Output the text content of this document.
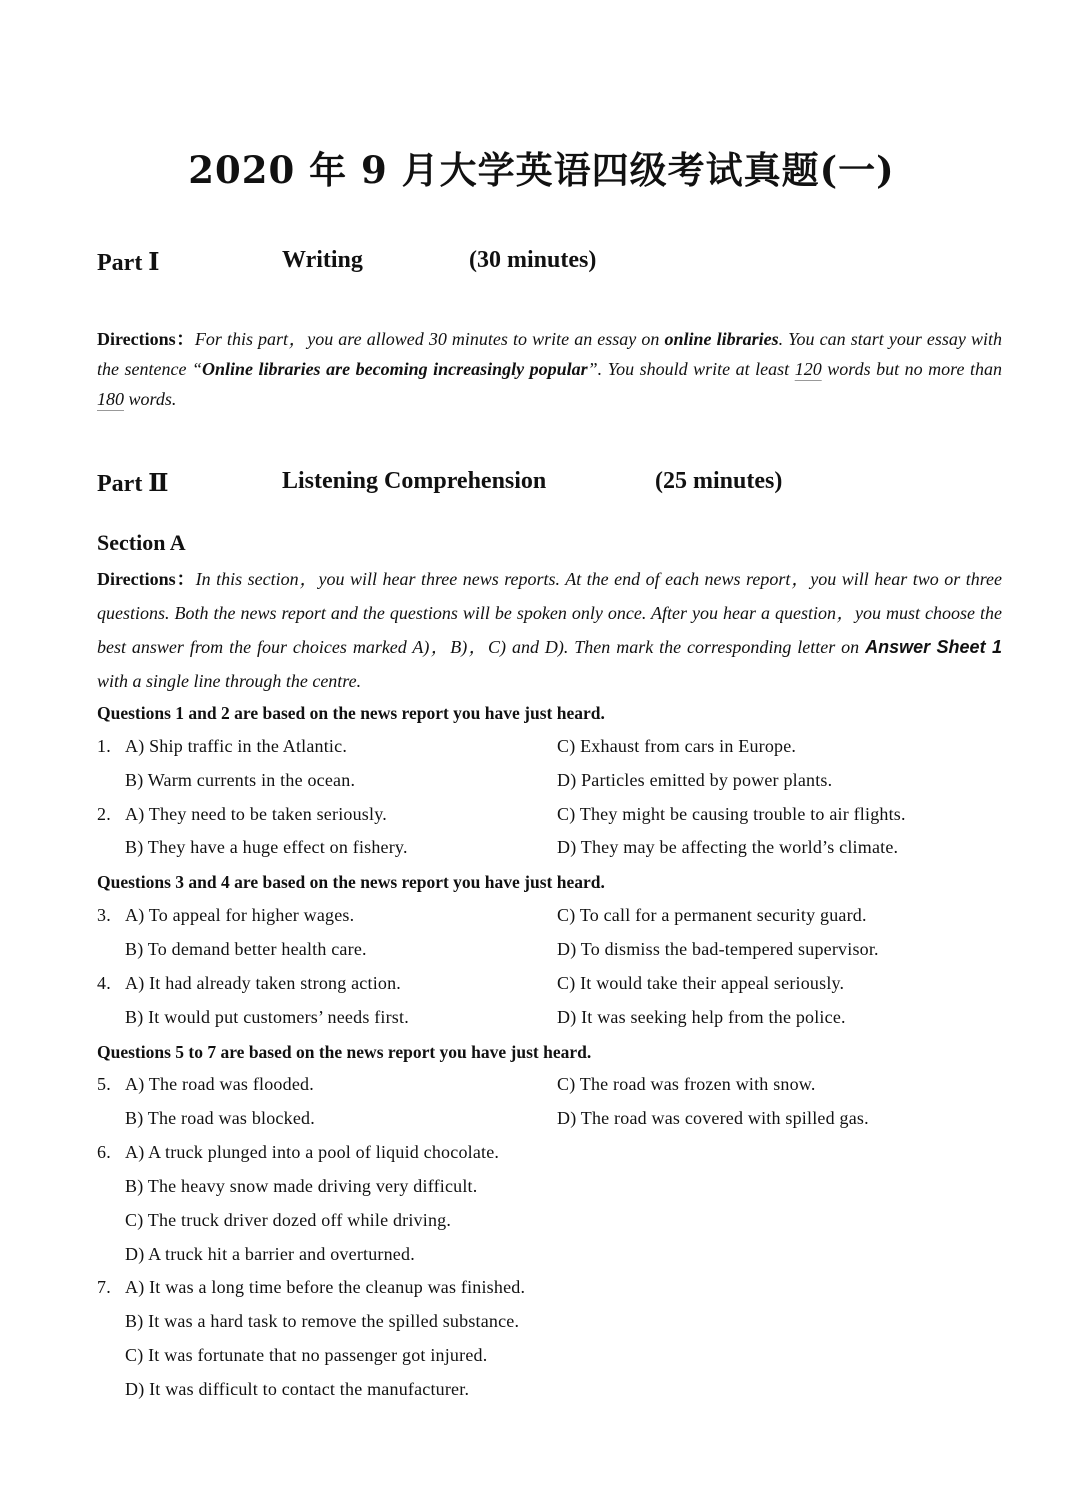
2020 年 9 月大学英语四级考试真题(一)
Part Ⅰ	Writing	(30 minutes)
Directions：For this part，you are allowed 30 minutes to write an essay on online libraries. You can start your essay with the sentence “Online libraries are becoming increasingly popular”. You should write at least 120 words but no more than 180 words.
Part Ⅱ	Listening Comprehension	(25 minutes)
Section A
Directions：In this section，you will hear three news reports. At the end of each news report，you will hear two or three questions. Both the news report and the questions will be spoken only once. After you hear a question，you must choose the best answer from the four choices marked A)，B)，C) and D). Then mark the corresponding letter on Answer Sheet 1 with a single line through the centre.
Questions 1 and 2 are based on the news report you have just heard.
1. A) Ship traffic in the Atlantic.	C) Exhaust from cars in Europe.
B) Warm currents in the ocean.	D) Particles emitted by power plants.
2. A) They need to be taken seriously.	C) They might be causing trouble to air flights.
B) They have a huge effect on fishery.	D) They may be affecting the world’s climate.
Questions 3 and 4 are based on the news report you have just heard.
3. A) To appeal for higher wages.	C) To call for a permanent security guard.
B) To demand better health care.	D) To dismiss the bad-tempered supervisor.
4. A) It had already taken strong action.	C) It would take their appeal seriously.
B) It would put customers’ needs first.	D) It was seeking help from the police.
Questions 5 to 7 are based on the news report you have just heard.
5. A) The road was flooded.	C) The road was frozen with snow.
B) The road was blocked.	D) The road was covered with spilled gas.
6. A) A truck plunged into a pool of liquid chocolate.
B) The heavy snow made driving very difficult.
C) The truck driver dozed off while driving.
D) A truck hit a barrier and overturned.
7. A) It was a long time before the cleanup was finished.
B) It was a hard task to remove the spilled substance.
C) It was fortunate that no passenger got injured.
D) It was difficult to contact the manufacturer.
